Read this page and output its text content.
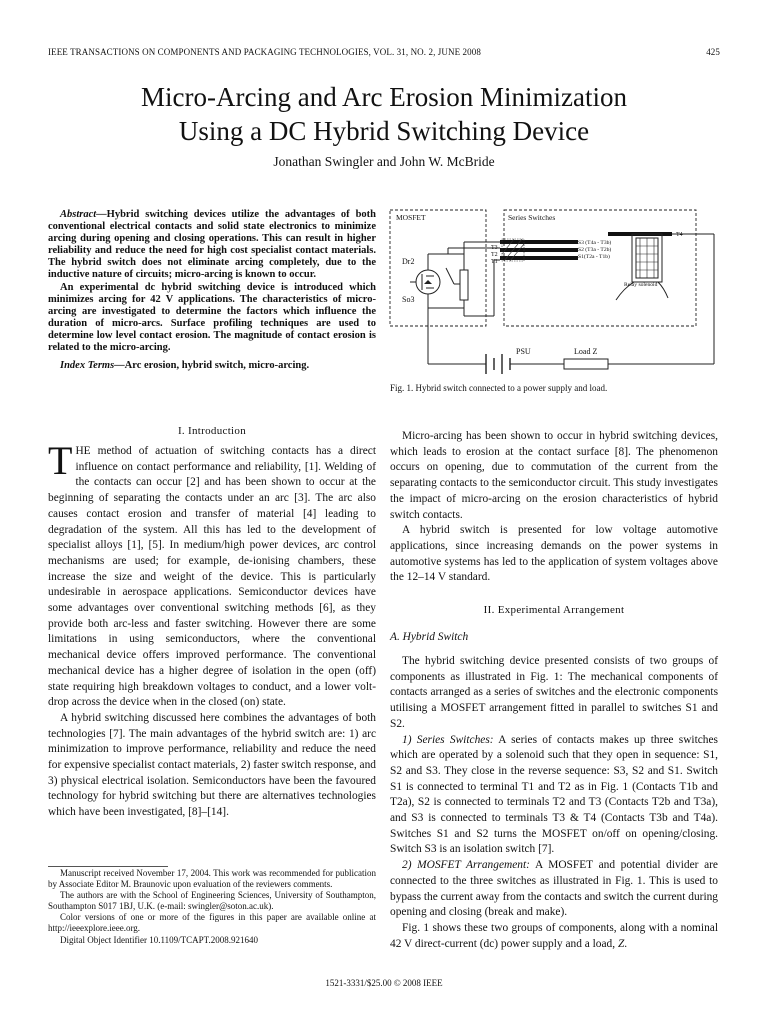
IEEE TRANSACTIONS ON COMPONENTS AND PACKAGING TECHNOLOGIES, VOL. 31, NO. 2, JUNE 2008	425
Micro-Arcing and Arc Erosion Minimization
Using a DC Hybrid Switching Device
Jonathan Swingler and John W. McBride

Abstract—Hybrid switching devices utilize the advantages of both conventional electrical contacts and solid state electronics to minimize arcing during opening and closing operations. This can result in higher reliability and reduce the need for high cost specialist contact materials. The hybrid switch does not eliminate arcing completely, due to the inductive nature of circuits; micro-arcing is known to occur.

An experimental dc hybrid switching device is introduced which minimizes arcing for 42 V applications. The characteristics of micro-arcing are investigated to determine the factors which influence the duration of micro-arcs. Surface profiling techniques are used to determine low level contact erosion. The magnitude of contact erosion is related to the micro-arcing.

Index Terms—Arc erosion, hybrid switch, micro-arcing.

I. Introduction

THE method of actuation of switching contacts has a direct influence on contact performance and reliability, [1]. Welding of the contacts can occur [2] and has been shown to occur at the beginning of separating the contacts under an arc [3]. The arc also causes contact erosion and transfer of material [4] leading to degradation of the system. All this has led to the development of specialist alloys [1], [5]. In medium/high power devices, arc control mechanisms are used; for example, de-ionising chambers, these increase the size and weight of the device. This is particularly undesirable in aerospace applications. Semiconductor devices have some advantages over conventional switching methods [6], as they provide both arc-less and faster switching. However there are some limitations in using semiconductors, where the conventional mechanical device offers improved performance. The conventional mechanical device has a higher degree of isolation in the open (off) state requiring high breakdown voltages to conduct, and a lower volt-drop across the device when in the closed (on) state.

A hybrid switching discussed here combines the advantages of both technologies [7]. The main advantages of the hybrid switch are: 1) arc minimization to improve performance, reliability and reduce the need for expensive specialist contact materials, 2) faster switch response, and 3) physical electrical isolation. Semiconductors have been the favoured technology for hybrid switching but there are alternatives technologies which have been investigated, [8]–[14].

Manuscript received November 17, 2004. This work was recommended for publication by Associate Editor M. Braunovic upon evaluation of the reviewers comments.

The authors are with the School of Engineering Sciences, University of Southampton, Southampton S017 1BJ, U.K. (e-mail: swingler@soton.ac.uk).

Color versions of one or more of the figures in this paper are available online at http://ieeexplore.ieee.org.

Digital Object Identifier 10.1109/TCAPT.2008.921640

MOSFET	Series Switches
Dr2
So3
T3
T2
T1
T4
S3 (T4a - T3b)
S2 (T3a - T2b)
S1(T2a - T1b)
Relay solenoid
PSU	Load Z
Fig. 1. Hybrid switch connected to a power supply and load.

Micro-arcing has been shown to occur in hybrid switching devices, which leads to erosion at the contact surface [8]. The phenomenon occurs on opening, due to commutation of the current from the separating contacts to the semiconductor circuit. This study investigates the impact of micro-arcing on the erosion characteristics of hybrid switch contacts.

A hybrid switch is presented for low voltage automotive applications, since increasing demands on the power systems in automotive systems has led to the application of system voltages above the 12–14 V standard.

II. Experimental Arrangement
A. Hybrid Switch

The hybrid switching device presented consists of two groups of components as illustrated in Fig. 1: The mechanical components of contacts arranged as a series of switches and the electronic components utilising a MOSFET arrangement fitted in parallel to switches S1 and S2.

1) Series Switches: A series of contacts makes up three switches which are operated by a solenoid such that they open in sequence: S1, S2 and S3. They close in the reverse sequence: S3, S2 and S1. Switch S1 is connected to terminal T1 and T2 as in Fig. 1 (Contacts T1b and T2a), S2 is connected to terminals T2 and T3 (Contacts T2b and T3a), and S3 is connected to terminals T3 & T4 (Contacts T3b and T4a). Switches S1 and S2 turns the MOSFET on/off on opening/closing. Switch S3 is an isolation switch [7].

2) MOSFET Arrangement: A MOSFET and potential divider are connected to the three switches as illustrated in Fig. 1. This is used to bypass the current away from the contacts and switch the current during opening and closing (break and make).

Fig. 1 shows these two groups of components, along with a nominal 42 V direct-current (dc) power supply and a load, Z.

1521-3331/$25.00 © 2008 IEEE
